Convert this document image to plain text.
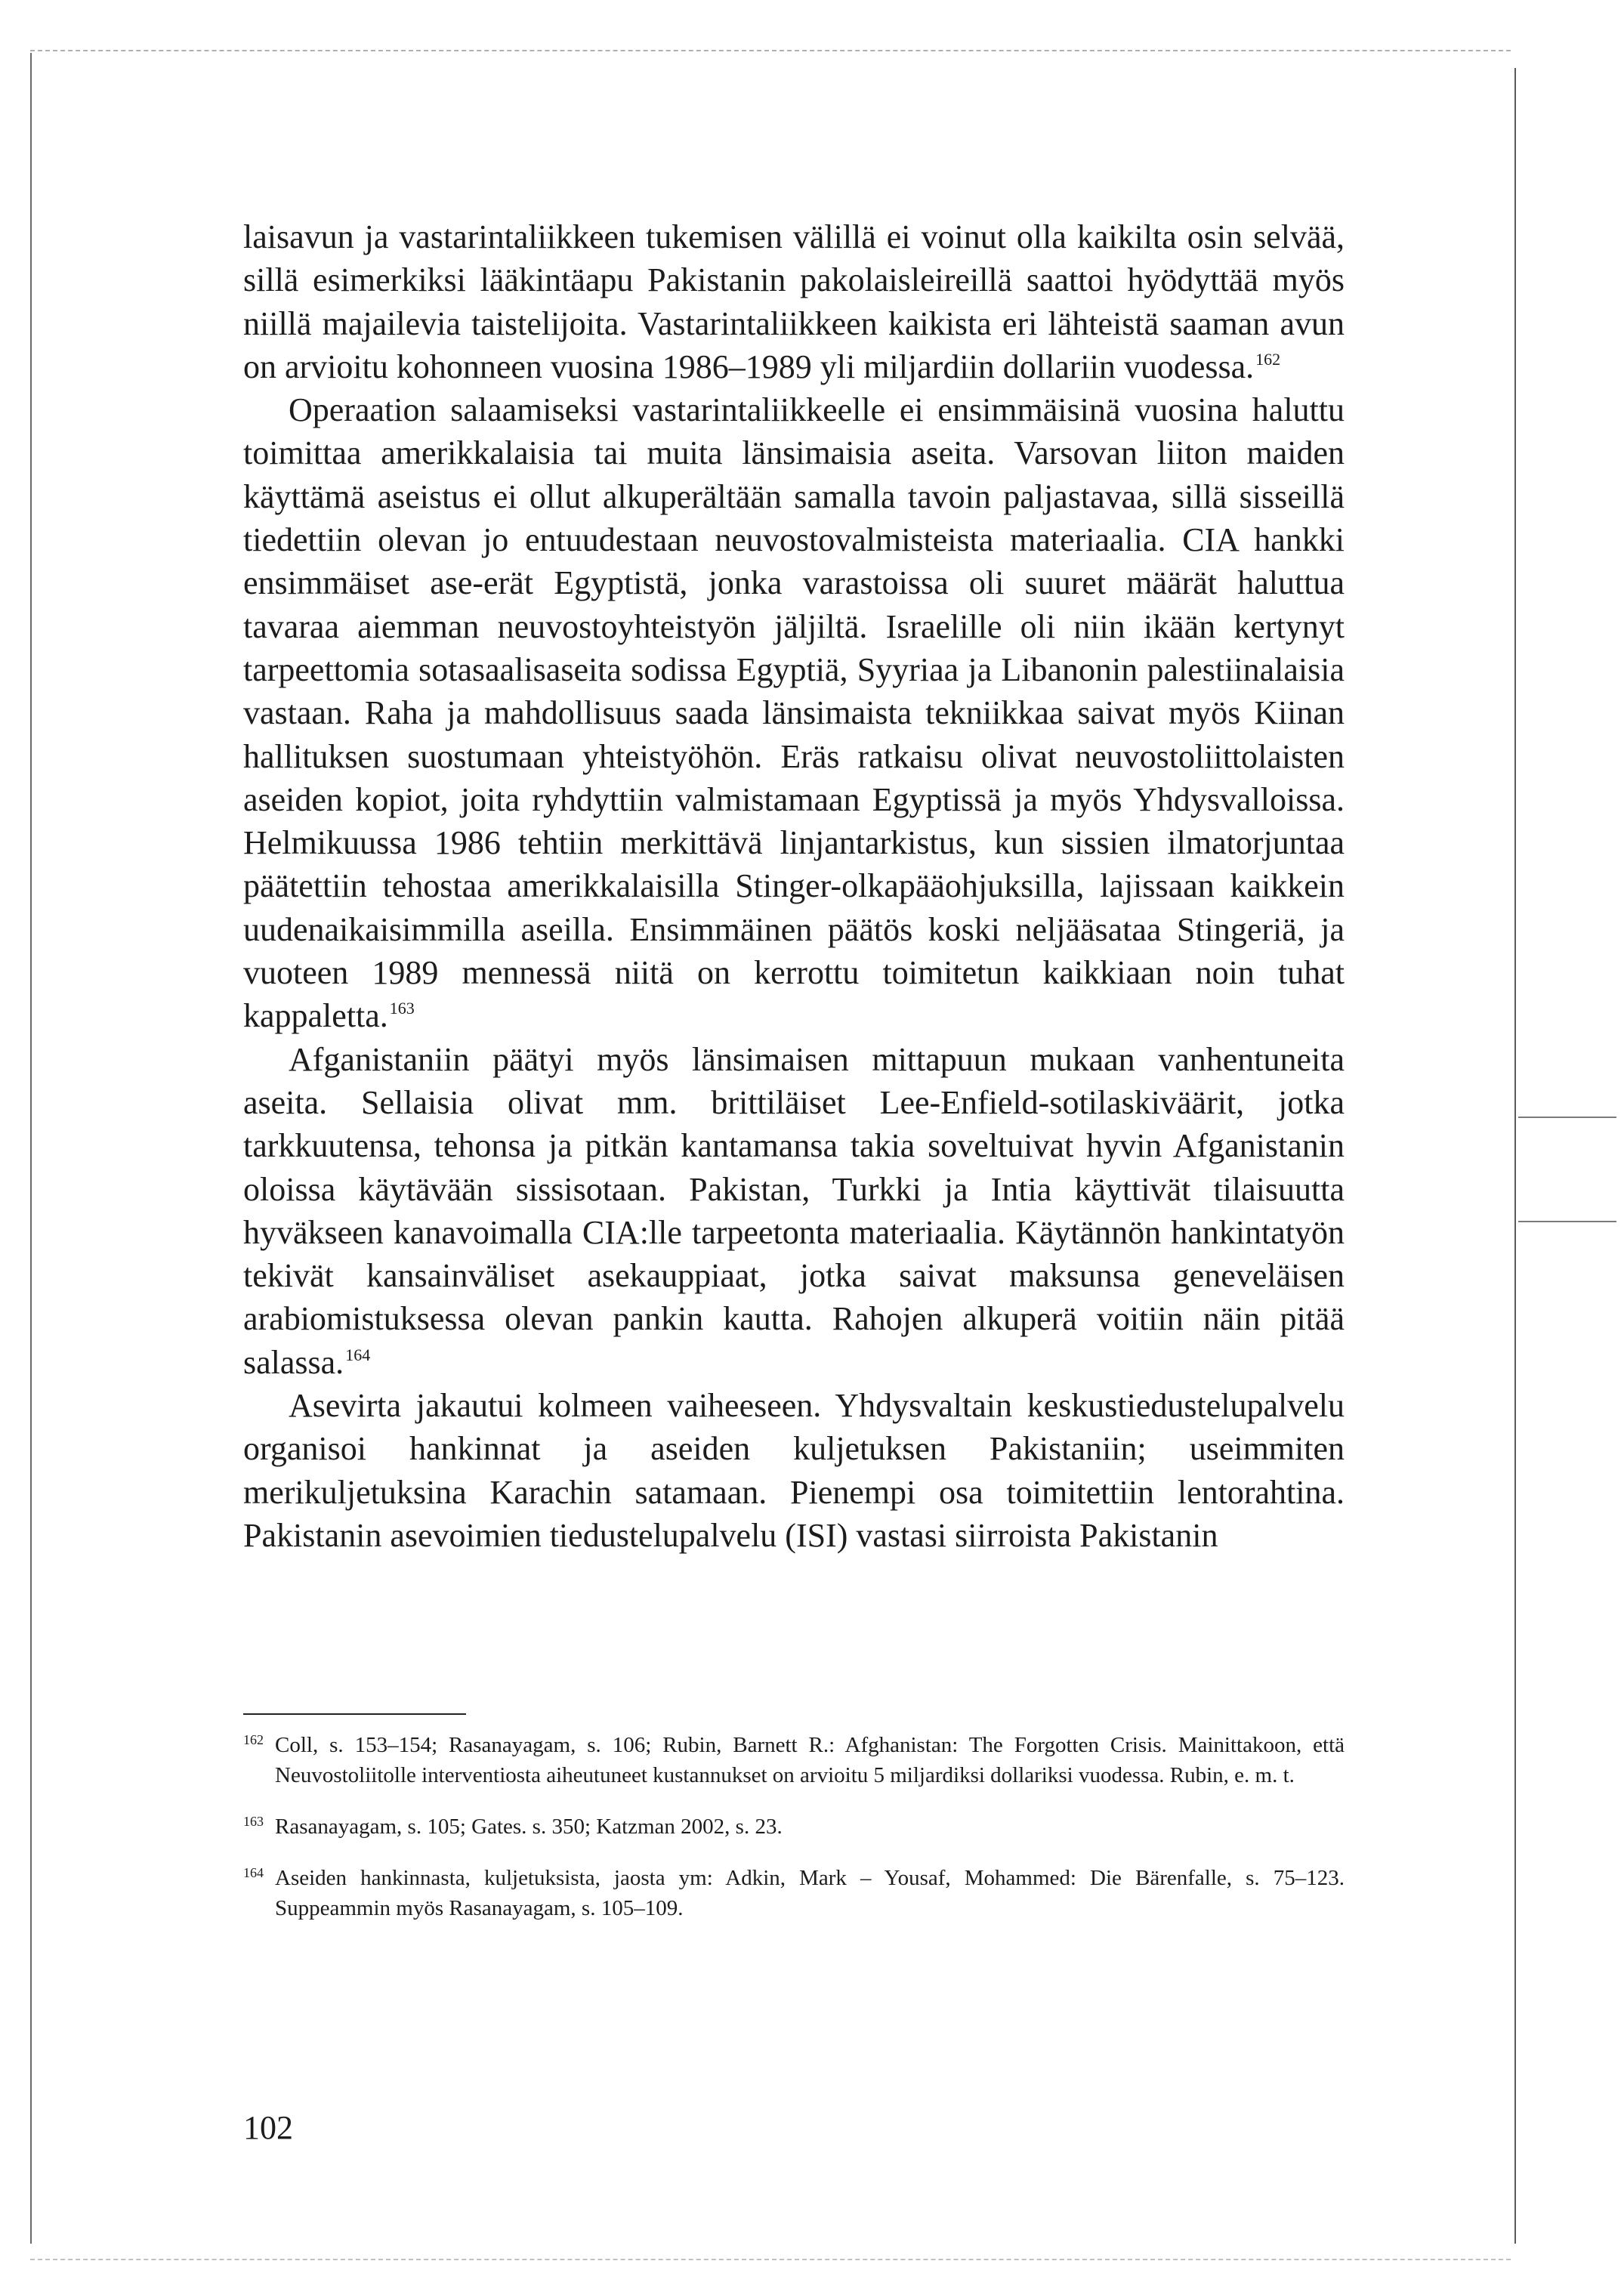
laisavun ja vastarintaliikkeen tukemisen välillä ei voinut olla kaikilta osin selvää, sillä esimerkiksi lääkintäapu Pakistanin pakolaisleireillä saattoi hyödyttää myös niillä majailevia taistelijoita. Vastarintaliikkeen kaikista eri lähteistä saaman avun on arvioitu kohonneen vuosina 1986–1989 yli miljardiin dollariin vuodessa.$^{162}$

Operaation salaamiseksi vastarintaliikkeelle ei ensimmäisinä vuosina haluttu toimittaa amerikkalaisia tai muita länsimaisia aseita. Varsovan liiton maiden käyttämä aseistus ei ollut alkuperältään samalla tavoin paljastavaa, sillä sisseillä tiedettiin olevan jo entuudestaan neuvostovalmisteista materiaalia. CIA hankki ensimmäiset ase-erät Egyptistä, jonka varastoissa oli suuret määrät haluttua tavaraa aiemman neuvostoyhteistyön jäljiltä. Israelille oli niin ikään kertynyt tarpeettomia sotasaalisaseita sodissa Egyptiä, Syyriaa ja Libanonin palestiinalaisia vastaan. Raha ja mahdollisuus saada länsimaista tekniikkaa saivat myös Kiinan hallituksen suostumaan yhteistyöhön. Eräs ratkaisu olivat neuvostoliittolaisten aseiden kopiot, joita ryhdyttiin valmistamaan Egyptissä ja myös Yhdysvalloissa. Helmikuussa 1986 tehtiin merkittävä linjantarkistus, kun sissien ilmatorjuntaa päätettiin tehostaa amerikkalaisilla Stinger-olkapääohjuksilla, lajissaan kaikkein uudenaikaisimmilla aseilla. Ensimmäinen päätös koski neljääsataa Stingeriä, ja vuoteen 1989 mennessä niitä on kerrottu toimitetun kaikkiaan noin tuhat kappaletta.$^{163}$

Afganistaniin päätyi myös länsimaisen mittapuun mukaan vanhentuneita aseita. Sellaisia olivat mm. brittiläiset Lee-Enfield-sotilaskiväärit, jotka tarkkuutensa, tehonsa ja pitkän kantamansa takia soveltuivat hyvin Afganistanin oloissa käytävään sissisotaan. Pakistan, Turkki ja Intia käyttivät tilaisuutta hyväkseen kanavoimalla CIA:lle tarpeetonta materiaalia. Käytännön hankintatyön tekivät kansainväliset asekauppiaat, jotka saivat maksunsa geneveläisen arabiomistuksessa olevan pankin kautta. Rahojen alkuperä voitiin näin pitää salassa.$^{164}$

Asevirta jakautui kolmeen vaiheeseen. Yhdysvaltain keskustiedustelupalvelu organisoi hankinnat ja aseiden kuljetuksen Pakistaniin; useimmiten merikuljetuksina Karachin satamaan. Pienempi osa toimitettiin lentorahtina. Pakistanin asevoimien tiedustelupalvelu (ISI) vastasi siirroista Pakistanin

162 Coll, s. 153–154; Rasanayagam, s. 106; Rubin, Barnett R.: Afghanistan: The Forgotten Crisis. Mainittakoon, että Neuvostoliitolle interventiosta aiheutuneet kustannukset on arvioitu 5 miljardiksi dollariksi vuodessa. Rubin, e. m. t.
163 Rasanayagam, s. 105; Gates. s. 350; Katzman 2002, s. 23.
164 Aseiden hankinnasta, kuljetuksista, jaosta ym: Adkin, Mark – Yousaf, Mohammed: Die Bärenfalle, s. 75–123. Suppeammin myös Rasanayagam, s. 105–109.
102
